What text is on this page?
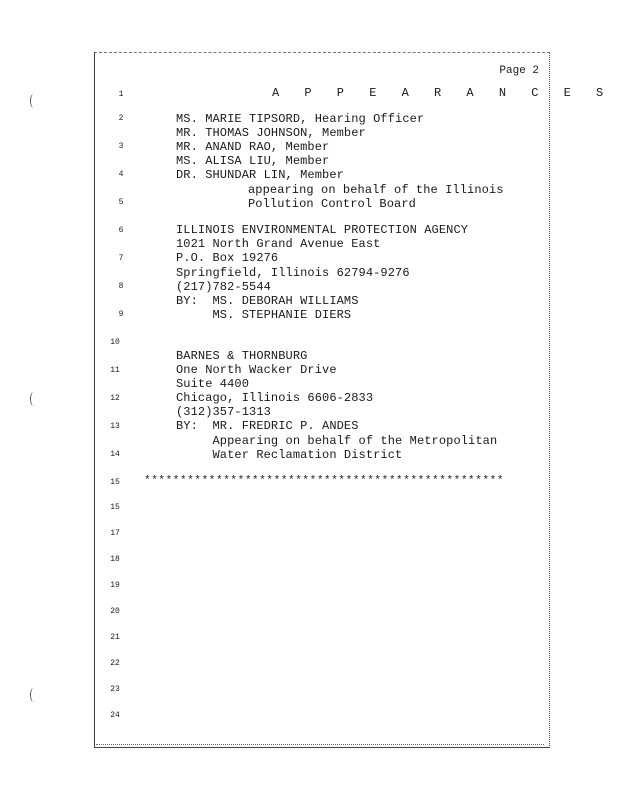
Page 2
1
2
3
4
5
6
7
8
9
10
11
12
13
14
15
15
17
18
19
20
21
22
23
24
A P P E A R A N C E S
MS. MARIE TIPSORD, Hearing Officer
MR. THOMAS JOHNSON, Member
MR. ANAND RAO, Member
MS. ALISA LIU, Member
DR. SHUNDAR LIN, Member
appearing on behalf of the Illinois
Pollution Control Board
ILLINOIS ENVIRONMENTAL PROTECTION AGENCY
1021 North Grand Avenue East
P.O. Box 19276
Springfield, Illinois 62794-9276
(217)782-5544
BY:  MS. DEBORAH WILLIAMS
MS. STEPHANIE DIERS
BARNES & THORNBURG
One North Wacker Drive
Suite 4400
Chicago, Illinois 6606-2833
(312)357-1313
BY:  MR. FREDRIC P. ANDES
Appearing on behalf of the Metropolitan
Water Reclamation District
**************************************************
